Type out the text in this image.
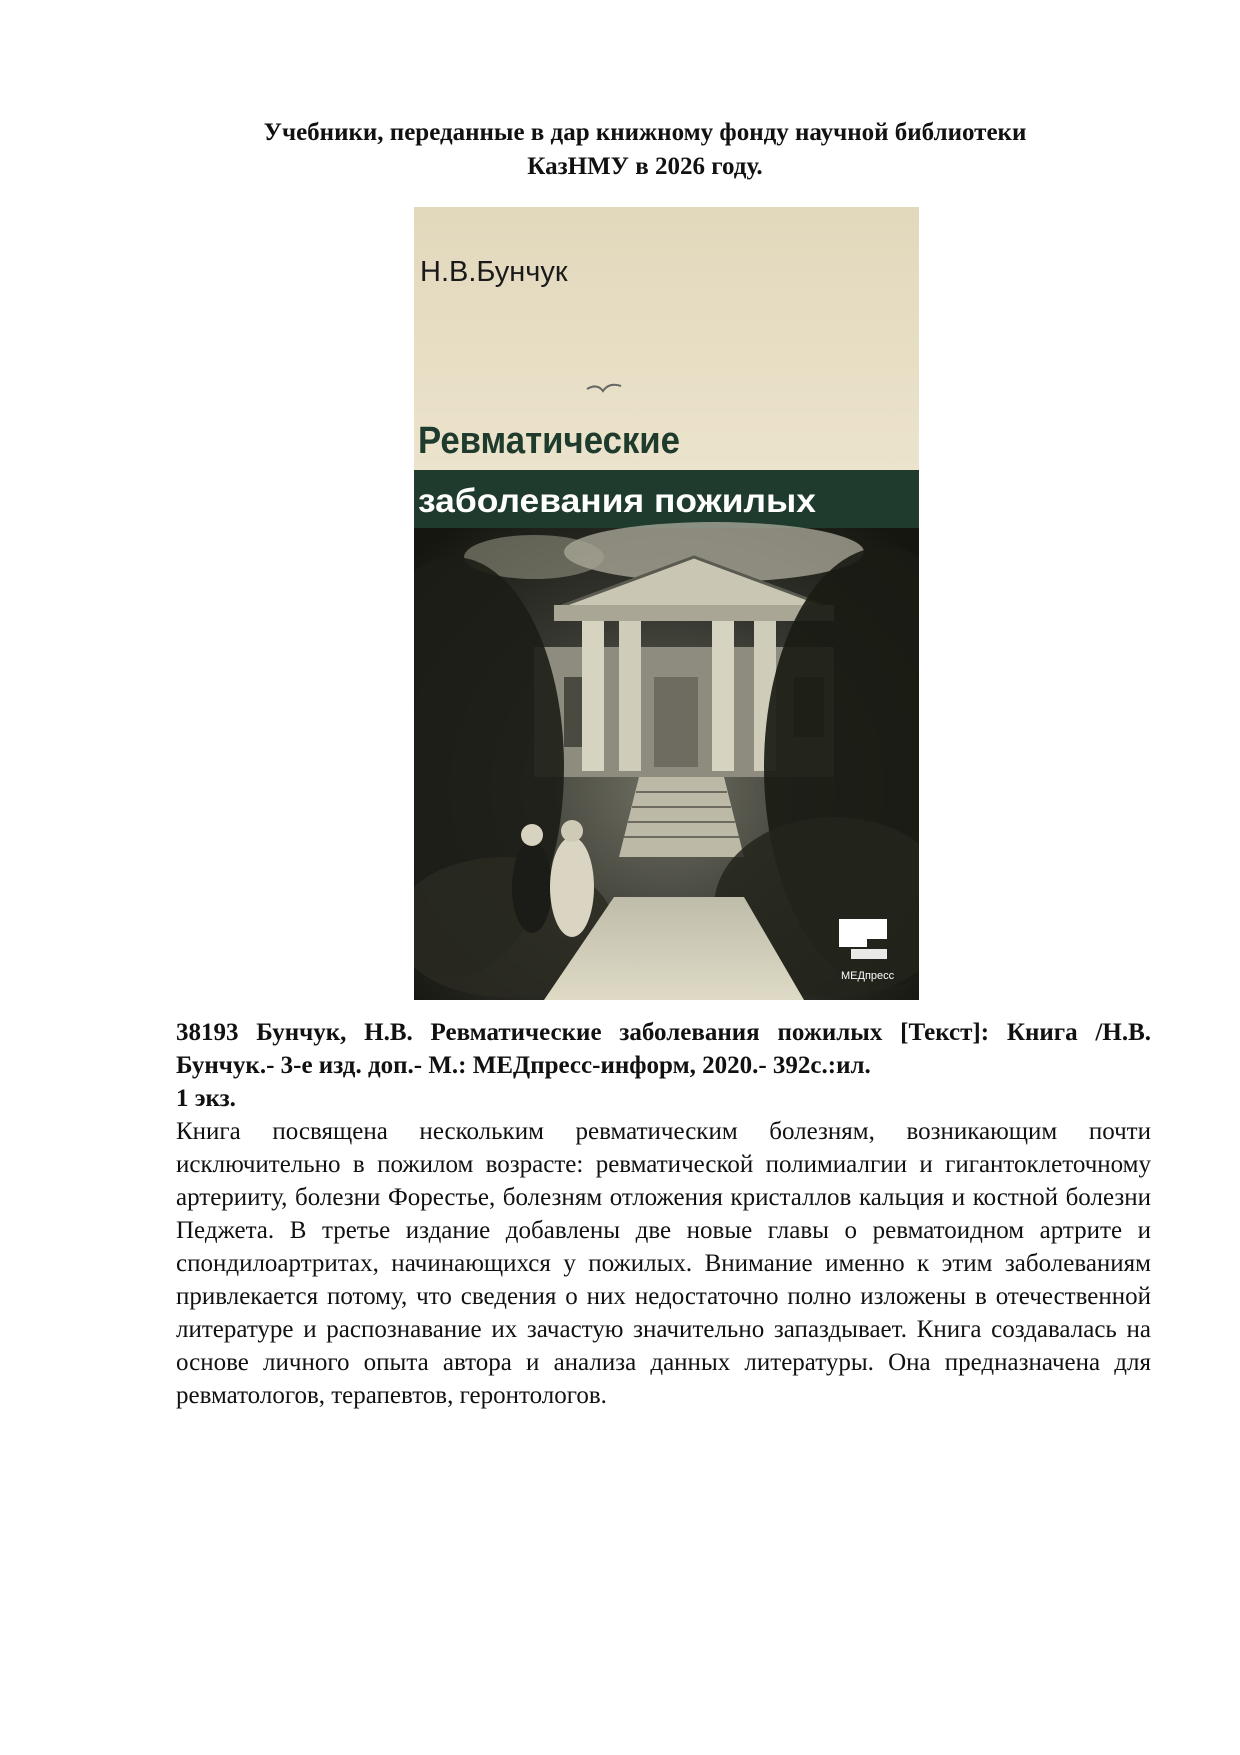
Учебники, переданные в дар книжному фонду научной библиотеки
КазНМУ в 2026 году.
Н.В.Бунчук
Ревматические
заболевания пожилых
МЕДпресс
38193 Бунчук, Н.В. Ревматические заболевания пожилых [Текст]: Книга /Н.В. Бунчук.- 3-е изд. доп.- М.: МЕДпресс-информ, 2020.- 392с.:ил.
1 экз.
Книга посвящена нескольким ревматическим болезням, возникающим почти исключительно в пожилом возрасте: ревматической полимиалгии и гигантоклеточному артерииту, болезни Форестье, болезням отложения кристаллов кальция и костной болезни Педжета. В третье издание добавлены две новые главы о ревматоидном артрите и спондилоартритах, начинающихся у пожилых. Внимание именно к этим заболеваниям привлекается потому, что сведения о них недостаточно полно изложены в отечественной литературе и распознавание их зачастую значительно запаздывает. Книга создавалась на основе личного опыта автора и анализа данных литературы. Она предназначена для ревматологов, терапевтов, геронтологов.
